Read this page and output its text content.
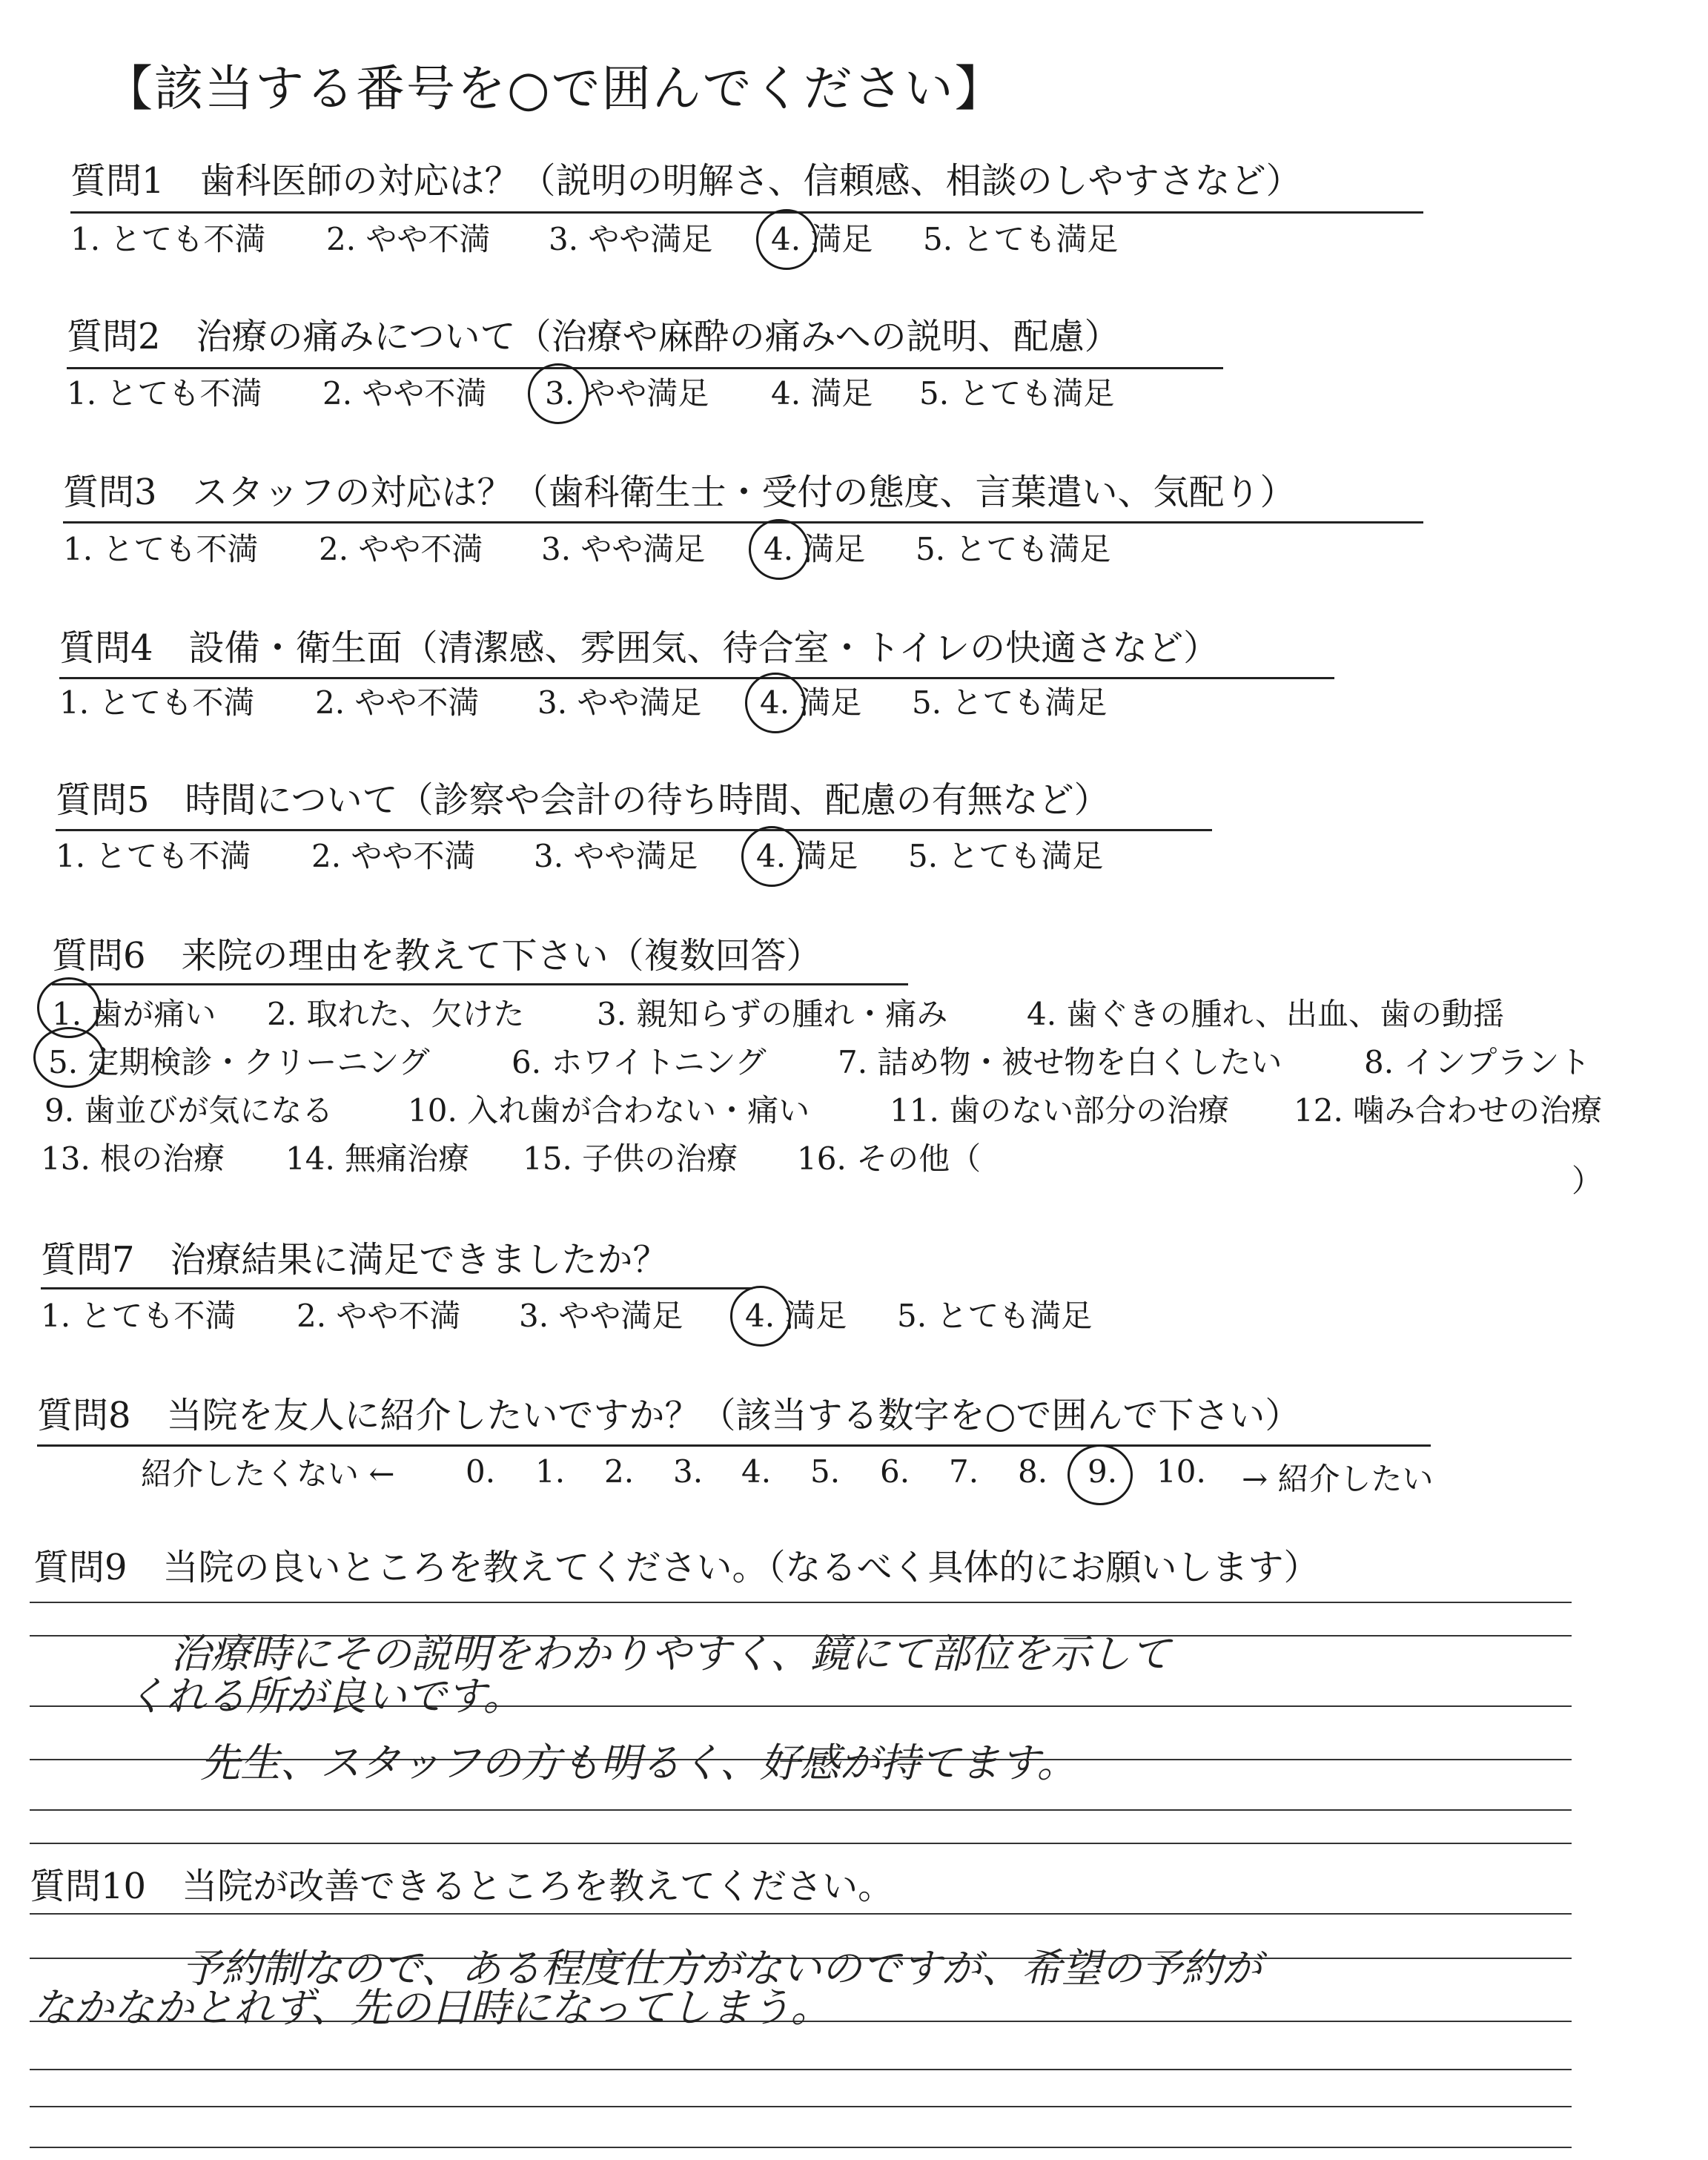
【該当する番号を○で囲んでください】
質問1　歯科医師の対応は？（説明の明解さ、信頼感、相談のしやすさなど）
1. とても不満 2. やや不満 3. やや満足 4. 満足 5. とても満足
質問2　治療の痛みについて（治療や麻酔の痛みへの説明、配慮）
1. とても不満 2. やや不満 3. やや満足 4. 満足 5. とても満足
質問3　スタッフの対応は？（歯科衛生士・受付の態度、言葉遣い、気配り）
1. とても不満 2. やや不満 3. やや満足 4. 満足 5. とても満足
質問4　設備・衛生面（清潔感、雰囲気、待合室・トイレの快適さなど）
1. とても不満 2. やや不満 3. やや満足 4. 満足 5. とても満足
質問5　時間について（診察や会計の待ち時間、配慮の有無など）
1. とても不満 2. やや不満 3. やや満足 4. 満足 5. とても満足
質問6　来院の理由を教えて下さい（複数回答）
1. 歯が痛い 2. 取れた、欠けた 3. 親知らずの腫れ・痛み	4. 歯ぐきの腫れ、出血、歯の動揺
5. 定期検診・クリーニング	6. ホワイトニング 7. 詰め物・被せ物を白くしたい	8. インプラント
9. 歯並びが気になる 10. 入れ歯が合わない・痛い	11. 歯のない部分の治療 12. 噛み合わせの治療
13. 根の治療 14. 無痛治療 15. 子供の治療 16. その他（
）
質問7　治療結果に満足できましたか？
1. とても不満 2. やや不満 3. やや満足 4. 満足 5. とても満足
質問8　当院を友人に紹介したいですか？（該当する数字を○で囲んで下さい）
紹介したくない ← 0. 1. 2. 3. 4. 5. 6. 7. 8. 9. 10. → 紹介したい
質問9　当院の良いところを教えてください。（なるべく具体的にお願いします）
治療時にその説明をわかりやすく、鏡にて部位を示して
くれる所が良いです。
先生、スタッフの方も明るく、好感が持てます。
質問10　当院が改善できるところを教えてください。
予約制なので、ある程度仕方がないのですが、希望の予約が
なかなかとれず、先の日時になってしまう。
